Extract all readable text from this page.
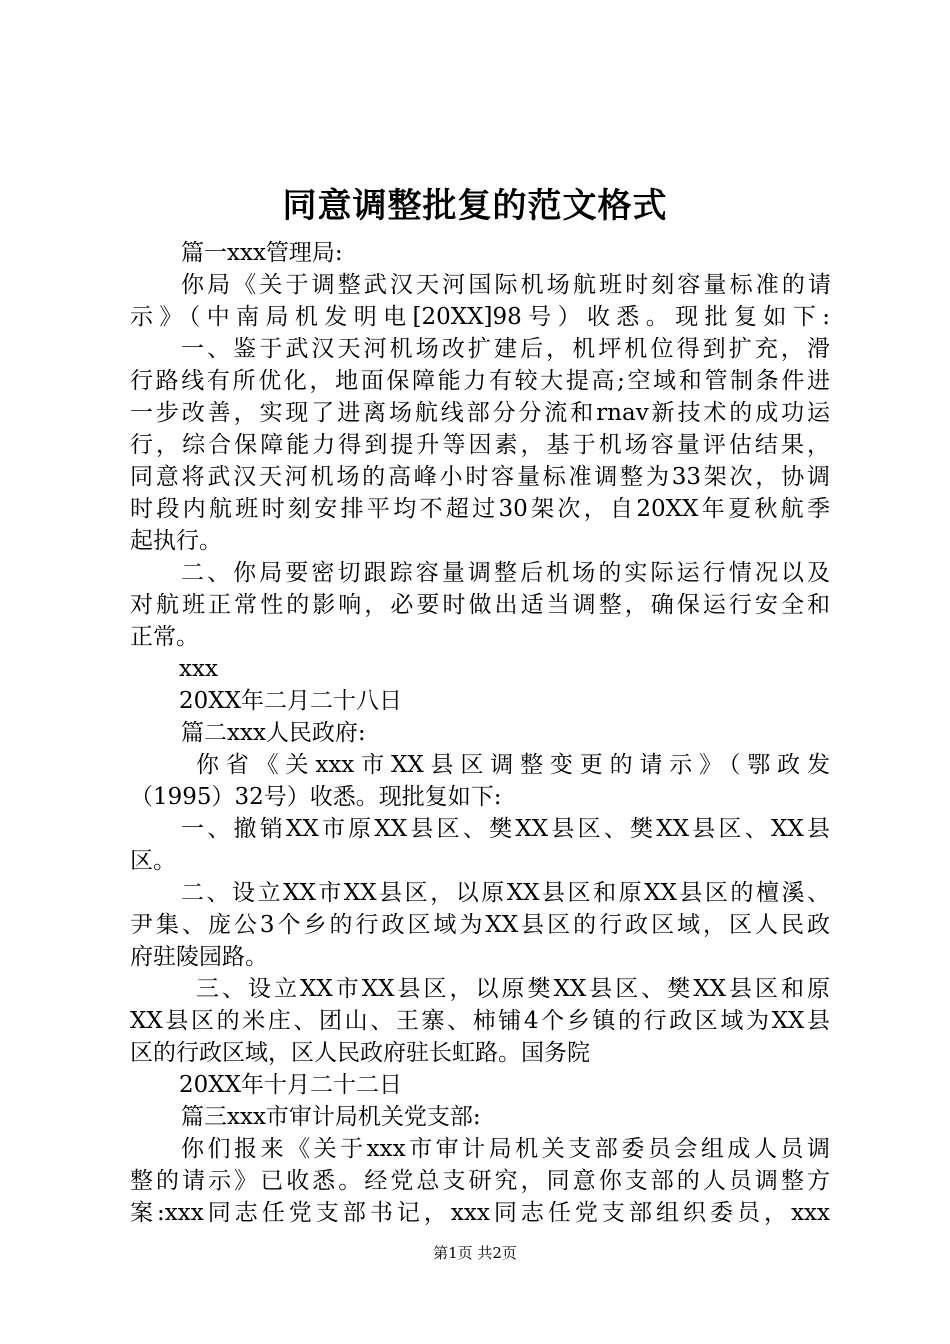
同意调整批复的范文格式
篇一xxx管理局:
你局《关于调整武汉天河国际机场航班时刻容量标准的请
示》（中南局机发明电[20XX]98号）收悉。现批复如下:
一、鉴于武汉天河机场改扩建后，机坪机位得到扩充，滑
行路线有所优化，地面保障能力有较大提高;空域和管制条件进
一步改善，实现了进离场航线部分分流和rnav新技术的成功运
行，综合保障能力得到提升等因素，基于机场容量评估结果，
同意将武汉天河机场的高峰小时容量标准调整为33架次，协调
时段内航班时刻安排平均不超过30架次，自20XX年夏秋航季
起执行。
二、你局要密切跟踪容量调整后机场的实际运行情况以及
对航班正常性的影响，必要时做出适当调整，确保运行安全和
正常。
xxx
20XX年二月二十八日
篇二xxx人民政府:
你省《关xxx市XX县区调整变更的请示》（鄂政发
（1995）32号）收悉。现批复如下:
一、撤销XX市原XX县区、樊XX县区、樊XX县区、XX县
区。
二、设立XX市XX县区，以原XX县区和原XX县区的檀溪、
尹集、庞公3个乡的行政区域为XX县区的行政区域，区人民政
府驻陵园路。
三、设立XX市XX县区，以原樊XX县区、樊XX县区和原
XX县区的米庄、团山、王寨、柿铺4个乡镇的行政区域为XX县
区的行政区域，区人民政府驻长虹路。国务院
20XX年十月二十二日
篇三xxx市审计局机关党支部:
你们报来《关于xxx市审计局机关支部委员会组成人员调
整的请示》已收悉。经党总支研究，同意你支部的人员调整方
案:xxx同志任党支部书记，xxx同志任党支部组织委员，xxx
第1页 共2页
